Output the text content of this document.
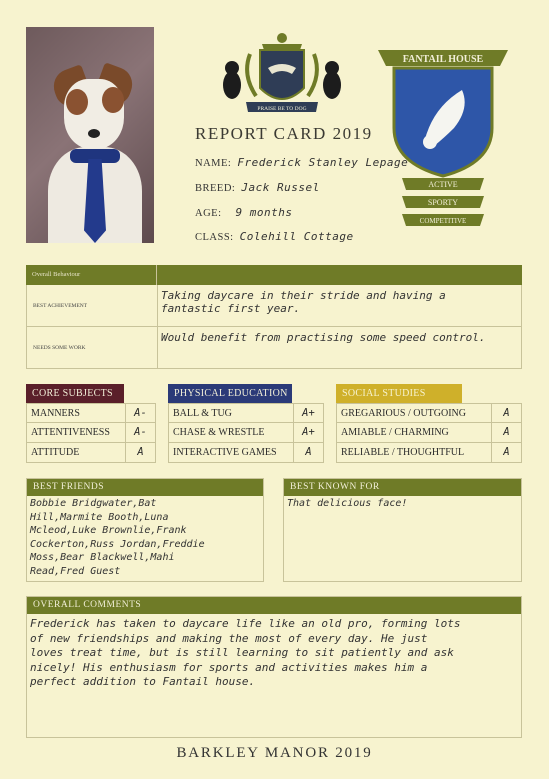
PRAISE BE TO DOG
FANTAIL HOUSE
ACTIVE
SPORTY
COMPETITIVE
REPORT CARD 2019
NAME: Frederick Stanley Lepage
BREED: Jack Russel
AGE: 9 months
CLASS: Colehill Cottage
Overall Behaviour
BEST ACHIEVEMENT
Taking daycare in their stride and having a fantastic first year.
NEEDS SOME WORK
Would benefit from practising some speed control.
CORE SUBJECTS
MANNERS	A-
ATTENTIVENESS	A-
ATTITUDE	A
PHYSICAL EDUCATION
BALL & TUG	A+
CHASE & WRESTLE	A+
INTERACTIVE GAMES	A
SOCIAL STUDIES
GREGARIOUS / OUTGOING	A
AMIABLE / CHARMING	A
RELIABLE / THOUGHTFUL	A
BEST FRIENDS
Bobbie Bridgwater,Bat
Hill,Marmite Booth,Luna
Mcleod,Luke Brownlie,Frank
Cockerton,Russ Jordan,Freddie
Moss,Bear Blackwell,Mahi
Read,Fred Guest
BEST KNOWN FOR
That delicious face!
OVERALL COMMENTS
Frederick has taken to daycare life like an old pro, forming lots
of new friendships and making the most of every day. He just
loves treat time, but is still learning to sit patiently and ask
nicely! His enthusiasm for sports and activities makes him a
perfect addition to Fantail house.
BARKLEY MANOR 2019
